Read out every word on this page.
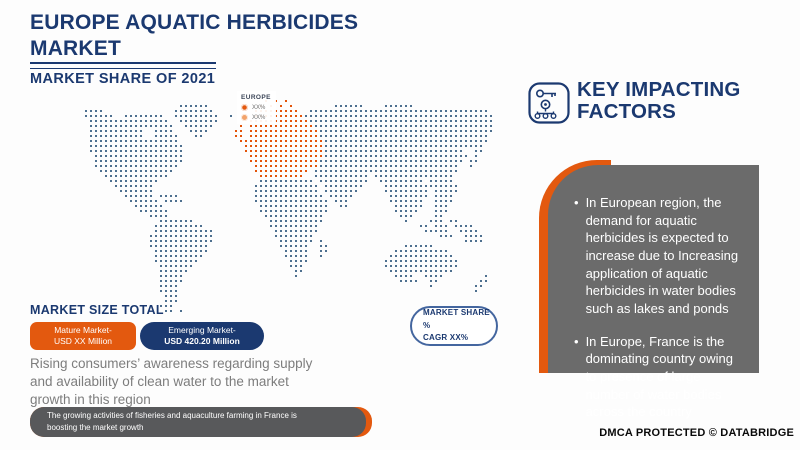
EUROPE AQUATIC HERBICIDES
MARKET
MARKET SHARE OF 2021
EUROPE
XX%
XX%
MARKET SIZE TOTAL
Mature Market-
USD XX Million
Emerging Market-
USD 420.20 Million
Rising consumers’ awareness regarding supply and availability of clean water to the market growth in this region
MARKET SHARE %
CAGR XX%
The growing activities of fisheries and aquaculture farming in France is
boosting the market growth
KEY IMPACTING
FACTORS
• In European region, the demand for aquatic herbicides is expected to increase due to Increasing application of aquatic herbicides in water bodies such as lakes and ponds
• In Europe, France is the dominating country owing to presence of large number of water bodies across the country
DMCA PROTECTED © DATABRIDGE
